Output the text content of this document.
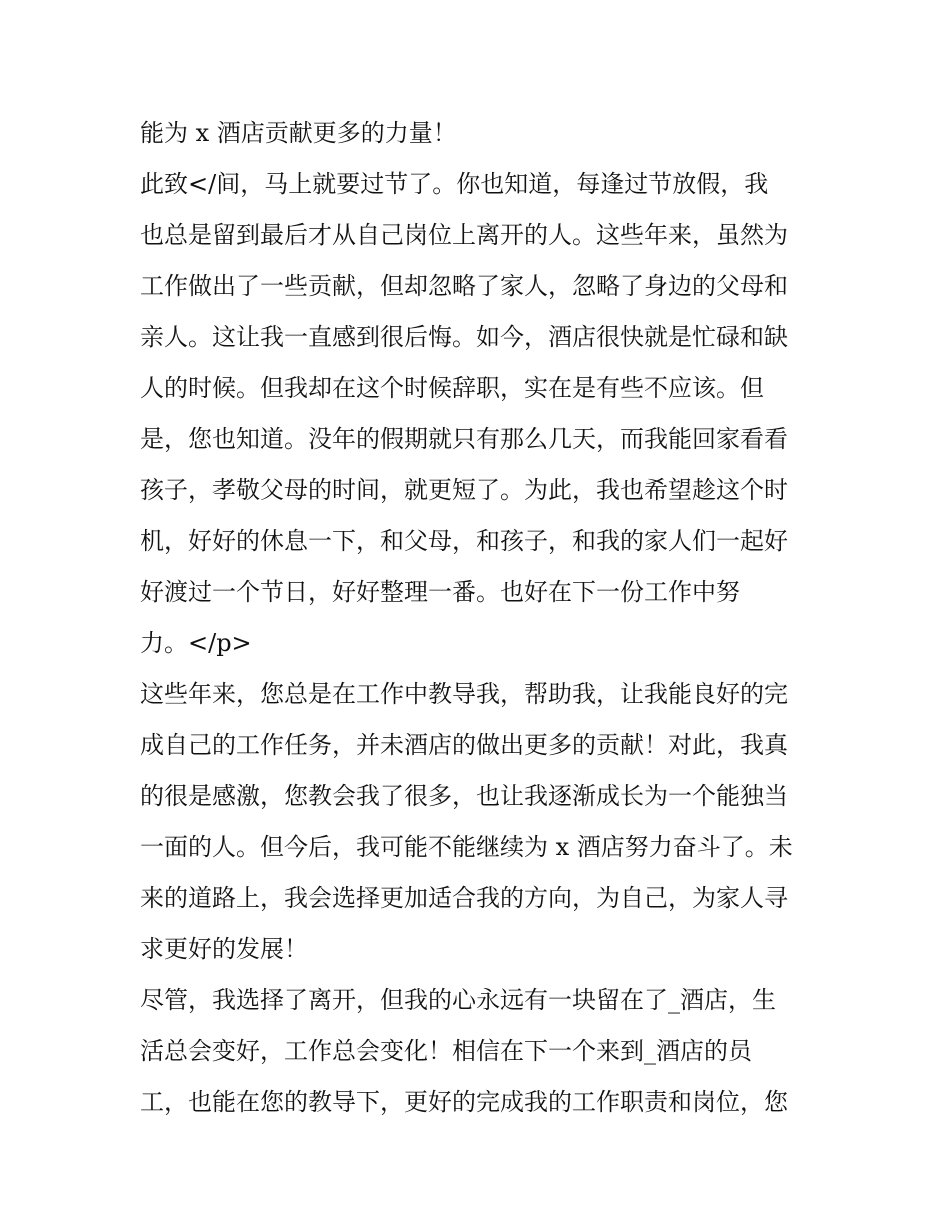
能为 x 酒店贡献更多的力量！
此致</间，马上就要过节了。你也知道，每逢过节放假，我
也总是留到最后才从自己岗位上离开的人。这些年来，虽然为
工作做出了一些贡献，但却忽略了家人，忽略了身边的父母和
亲人。这让我一直感到很后悔。如今，酒店很快就是忙碌和缺
人的时候。但我却在这个时候辞职，实在是有些不应该。但
是，您也知道。没年的假期就只有那么几天，而我能回家看看
孩子，孝敬父母的时间，就更短了。为此，我也希望趁这个时
机，好好的休息一下，和父母，和孩子，和我的家人们一起好
好渡过一个节日，好好整理一番。也好在下一份工作中努
力。</p>
这些年来，您总是在工作中教导我，帮助我，让我能良好的完
成自己的工作任务，并未酒店的做出更多的贡献！对此，我真
的很是感激，您教会我了很多，也让我逐渐成长为一个能独当
一面的人。但今后，我可能不能继续为 x 酒店努力奋斗了。未
来的道路上，我会选择更加适合我的方向，为自己，为家人寻
求更好的发展！
尽管，我选择了离开，但我的心永远有一块留在了_酒店，生
活总会变好，工作总会变化！相信在下一个来到_酒店的员
工，也能在您的教导下，更好的完成我的工作职责和岗位，您
